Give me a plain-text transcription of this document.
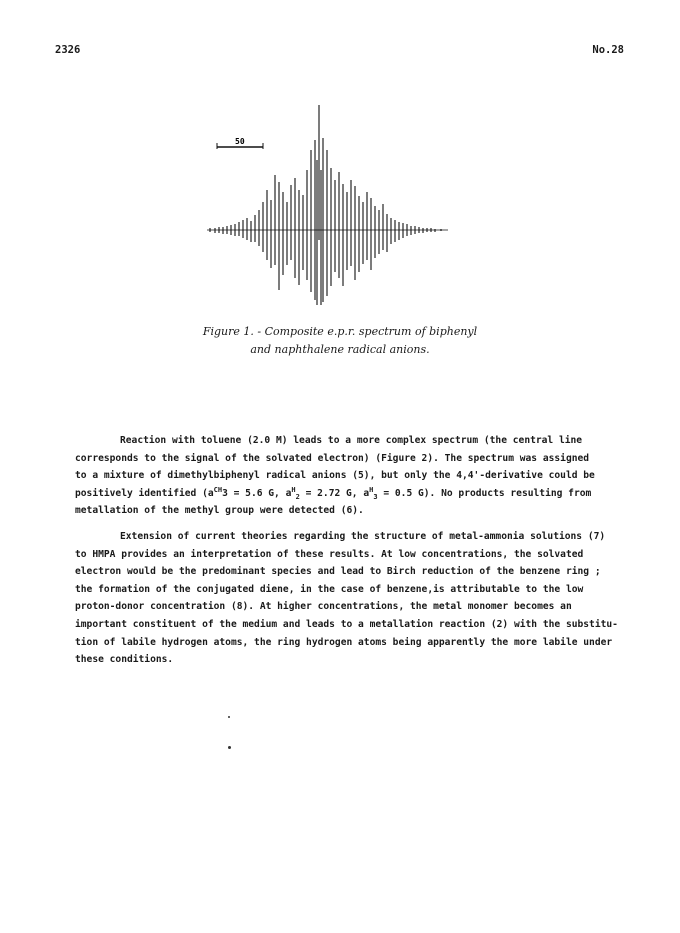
2326	No.28
50
Figure 1. - Composite e.p.r. spectrum of biphenyl
and naphthalene radical anions.
Reaction with toluene (2.0 M) leads to a more complex spectrum (the central line
corresponds to the signal of the solvated electron) (Figure 2). The spectrum was assigned
to a mixture of dimethylbiphenyl radical anions (5), but only the 4,4'-derivative could be
positively identified ($a^{CH}3 = 5.6$ G, $a^H_2 = 2.72$ G, $a^H_3 = 0.5$ G). No products resulting from
metallation of the methyl group were detected (6).
Extension of current theories regarding the structure of metal-ammonia solutions (7)
to HMPA provides an interpretation of these results. At low concentrations, the solvated
electron would be the predominant species and lead to Birch reduction of the benzene ring ;
the formation of the conjugated diene, in the case of benzene,is attributable to the low
proton-donor concentration (8). At higher concentrations, the metal monomer becomes an
important constituent of the medium and leads to a metallation reaction (2) with the substitu-
tion of labile hydrogen atoms, the ring hydrogen atoms being apparently the more labile under
these conditions.
